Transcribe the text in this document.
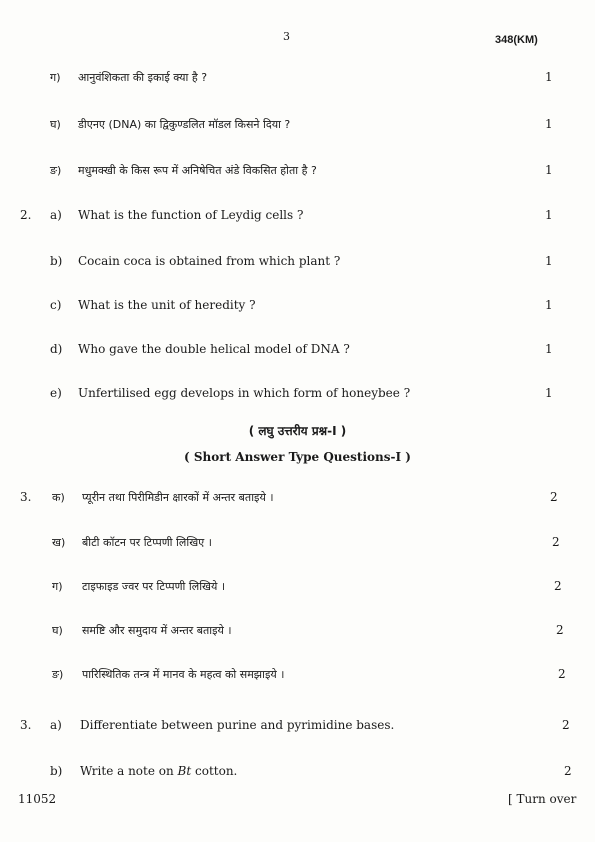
3	348(KM)
ग) आनुवंशिकता की इकाई क्या है ?	1
घ) डीएनए (DNA) का द्विकुण्डलित मॉडल किसने दिया ?	1
ङ) मधुमक्खी के किस रूप में अनिषेचित अंडे विकसित होता है ?	1
2. a) What is the function of Leydig cells ?	1
b) Cocain coca is obtained from which plant ?	1
c) What is the unit of heredity ?	1
d) Who gave the double helical model of DNA ?	1
e) Unfertilised egg develops in which form of honeybee ?	1
( लघु उत्तरीय प्रश्न-I )
( Short Answer Type Questions-I )
3. क) प्यूरीन तथा पिरीमिडीन क्षारकों में अन्तर बताइये ।	2
ख) बीटी कॉटन पर टिप्पणी लिखिए ।	2
ग) टाइफाइड ज्वर पर टिप्पणी लिखिये ।	2
घ) समष्टि और समुदाय में अन्तर बताइये ।	2
ङ) पारिस्थितिक तन्त्र में मानव के महत्व को समझाइये ।	2
3. a) Differentiate between purine and pyrimidine bases.	2
b) Write a note on Bt cotton.	2
11052	[ Turn over
